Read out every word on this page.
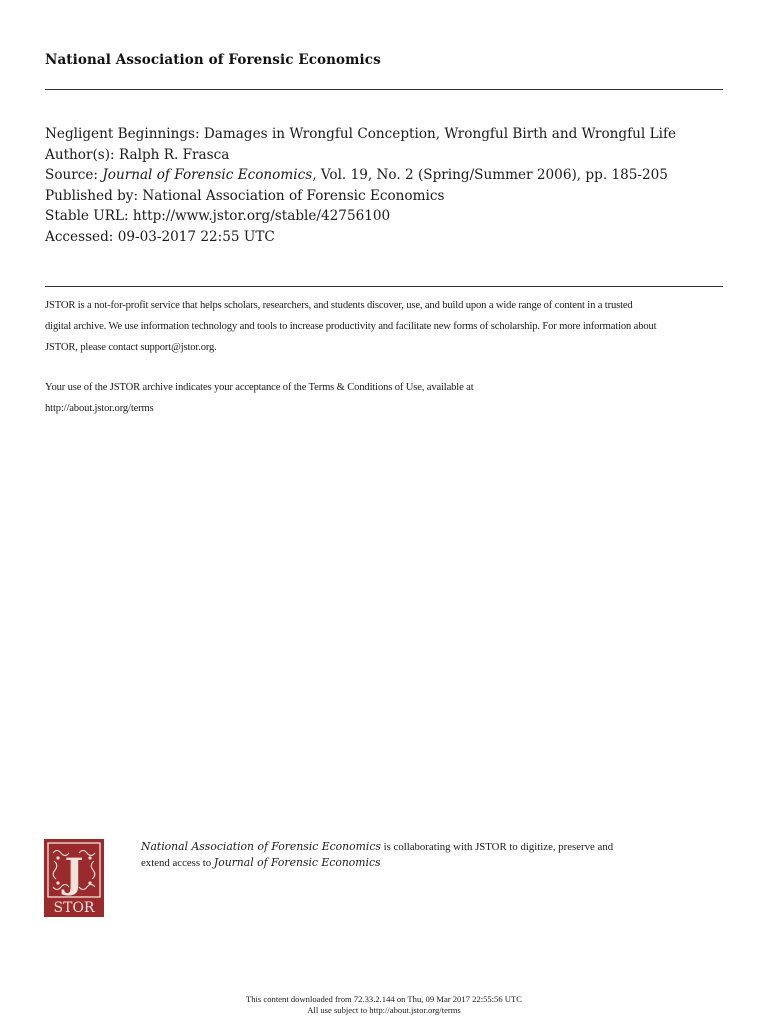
National Association of Forensic Economics
Negligent Beginnings: Damages in Wrongful Conception, Wrongful Birth and Wrongful Life
Author(s): Ralph R. Frasca
Source: Journal of Forensic Economics, Vol. 19, No. 2 (Spring/Summer 2006), pp. 185-205
Published by: National Association of Forensic Economics
Stable URL: http://www.jstor.org/stable/42756100
Accessed: 09-03-2017 22:55 UTC
JSTOR is a not-for-profit service that helps scholars, researchers, and students discover, use, and build upon a wide range of content in a trusted
digital archive. We use information technology and tools to increase productivity and facilitate new forms of scholarship. For more information about
JSTOR, please contact support@jstor.org.
Your use of the JSTOR archive indicates your acceptance of the Terms & Conditions of Use, available at
http://about.jstor.org/terms
J
STOR
National Association of Forensic Economics is collaborating with JSTOR to digitize, preserve and
extend access to Journal of Forensic Economics
This content downloaded from 72.33.2.144 on Thu, 09 Mar 2017 22:55:56 UTC
All use subject to http://about.jstor.org/terms
